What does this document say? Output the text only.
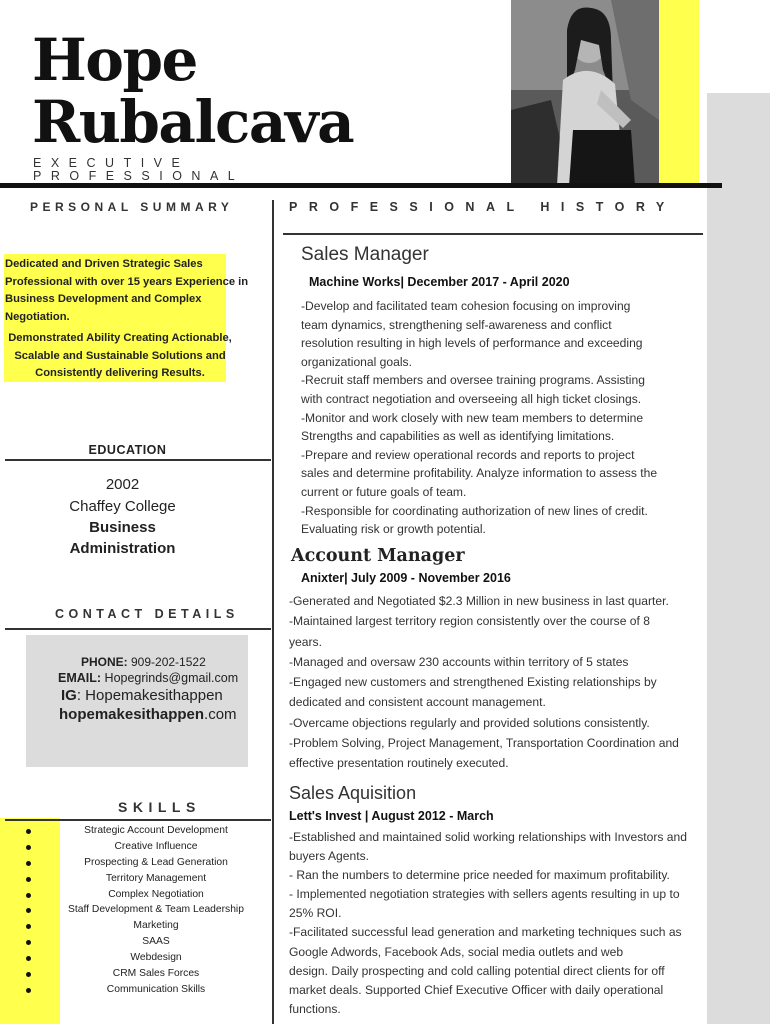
Hope
Rubalcava
EXECUTIVE
PROFESSIONAL
PERSONAL SUMMARY	PROFESSIONAL HISTORY
Dedicated and Driven Strategic Sales Professional with over 15 years Experience in Business Development and Complex Negotiation.
Demonstrated Ability Creating Actionable, Scalable and Sustainable Solutions and Consistently delivering Results.
EDUCATION
2002
Chaffey College
Business
Administration
CONTACT DETAILS
PHONE: 909-202-1522
EMAIL: Hopegrinds@gmail.com
IG: Hopemakesithappen
hopemakesithappen.com
SKILLS
Strategic Account Development
Creative Influence
Prospecting & Lead Generation
Territory Management
Complex Negotiation
Staff Development & Team Leadership
Marketing
SAAS
Webdesign
CRM Sales Forces
Communication Skills
Sales Manager
Machine Works| December 2017 - April 2020
-Develop and facilitated team cohesion focusing on improving
team dynamics, strengthening self-awareness and conflict
resolution resulting in high levels of performance and exceeding
organizational goals.
-Recruit staff members and oversee training programs. Assisting
with contract negotiation and overseeing all high ticket closings.
-Monitor and work closely with new team members to determine
Strengths and capabilities as well as identifying limitations.
-Prepare and review operational records and reports to project
sales and determine profitability. Analyze information to assess the
current or future goals of team.
-Responsible for coordinating authorization of new lines of credit.
Evaluating risk or growth potential.
Account Manager
Anixter| July 2009 - November 2016
-Generated and Negotiated $2.3 Million in new business in last quarter.
-Maintained largest territory region consistently over the course of 8
years.
-Managed and oversaw 230 accounts within territory of 5 states
-Engaged new customers and strengthened Existing relationships by
dedicated and consistent account management.
-Overcame objections regularly and provided solutions consistently.
-Problem Solving, Project Management, Transportation Coordination and
effective presentation routinely executed.
Sales Aquisition
Lett's Invest | August 2012 - March
-Established and maintained solid working relationships with Investors and
buyers Agents.
- Ran the numbers to determine price needed for maximum profitability.
- Implemented negotiation strategies with sellers agents resulting in up to
25% ROI.
-Facilitated successful lead generation and marketing techniques such as
Google Adwords, Facebook Ads, social media outlets and web
design. Daily prospecting and cold calling potential direct clients for off
market deals. Supported Chief Executive Officer with daily operational
functions.
